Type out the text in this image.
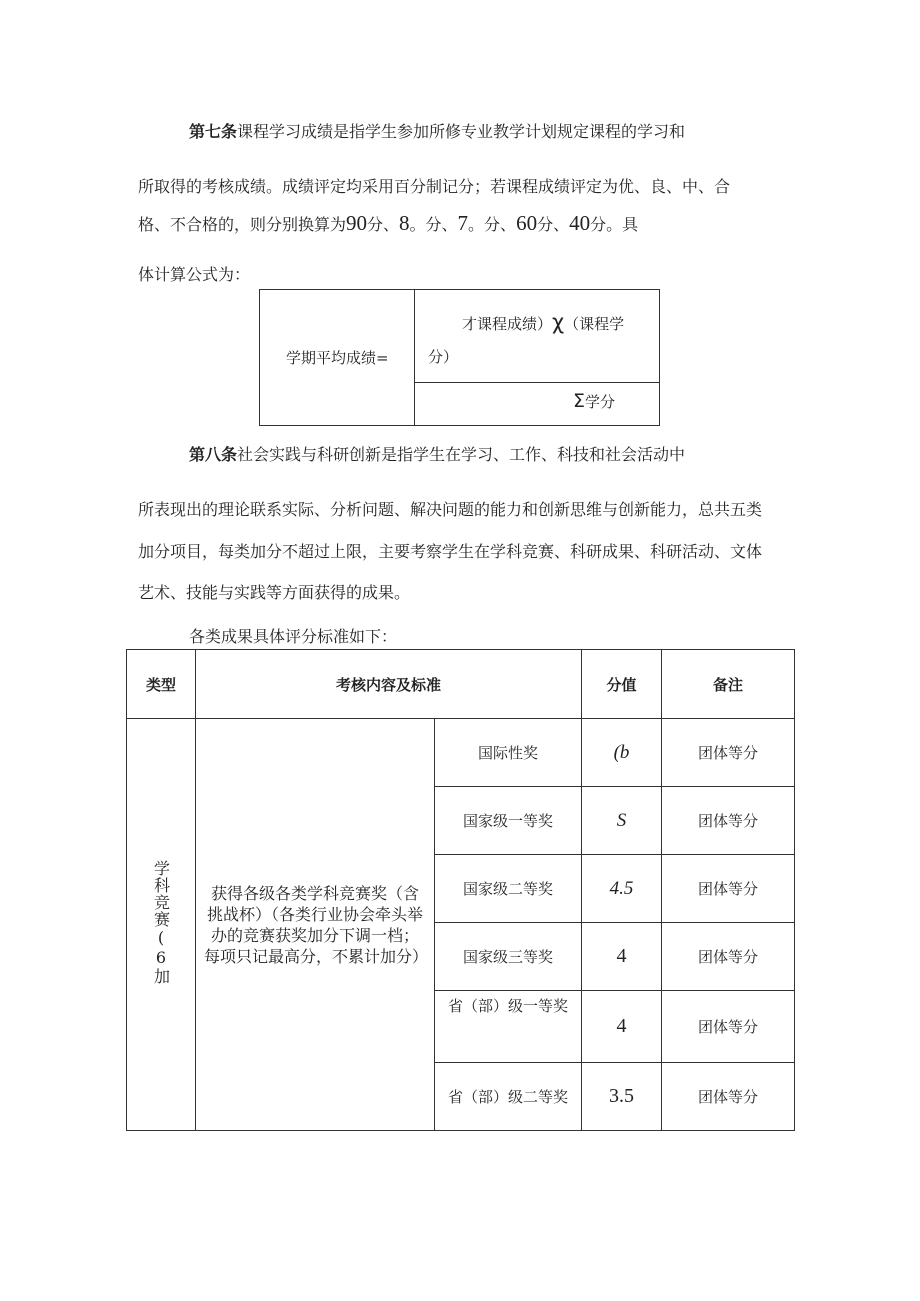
第七条课程学习成绩是指学生参加所修专业教学计划规定课程的学习和
所取得的考核成绩。成绩评定均采用百分制记分；若课程成绩评定为优、良、中、合
格、不合格的，则分别换算为90分、8。分、7。分、60分、40分。具
体计算公式为：
学期平均成绩=
才课程成绩）χ（课程学
分）
Σ学分
第八条社会实践与科研创新是指学生在学习、工作、科技和社会活动中
所表现出的理论联系实际、分析问题、解决问题的能力和创新思维与创新能力，总共五类
加分项目，每类加分不超过上限，主要考察学生在学科竞赛、科研成果、科研活动、文体
艺术、技能与实践等方面获得的成果。
各类成果具体评分标准如下：
类型	考核内容及标准		分值	备注
学科竞赛(6加	获得各级各类学科竞赛奖（含挑战杯）（各类行业协会牵头举办的竞赛获奖加分下调一档；每项只记最高分，不累计加分）	国际性奖	(b	团体等分
		国家级一等奖	S	团体等分
		国家级二等奖	4.5	团体等分
		国家级三等奖	4	团体等分
		省（部）级一等奖	4	团体等分
		省（部）级二等奖	3.5	团体等分
